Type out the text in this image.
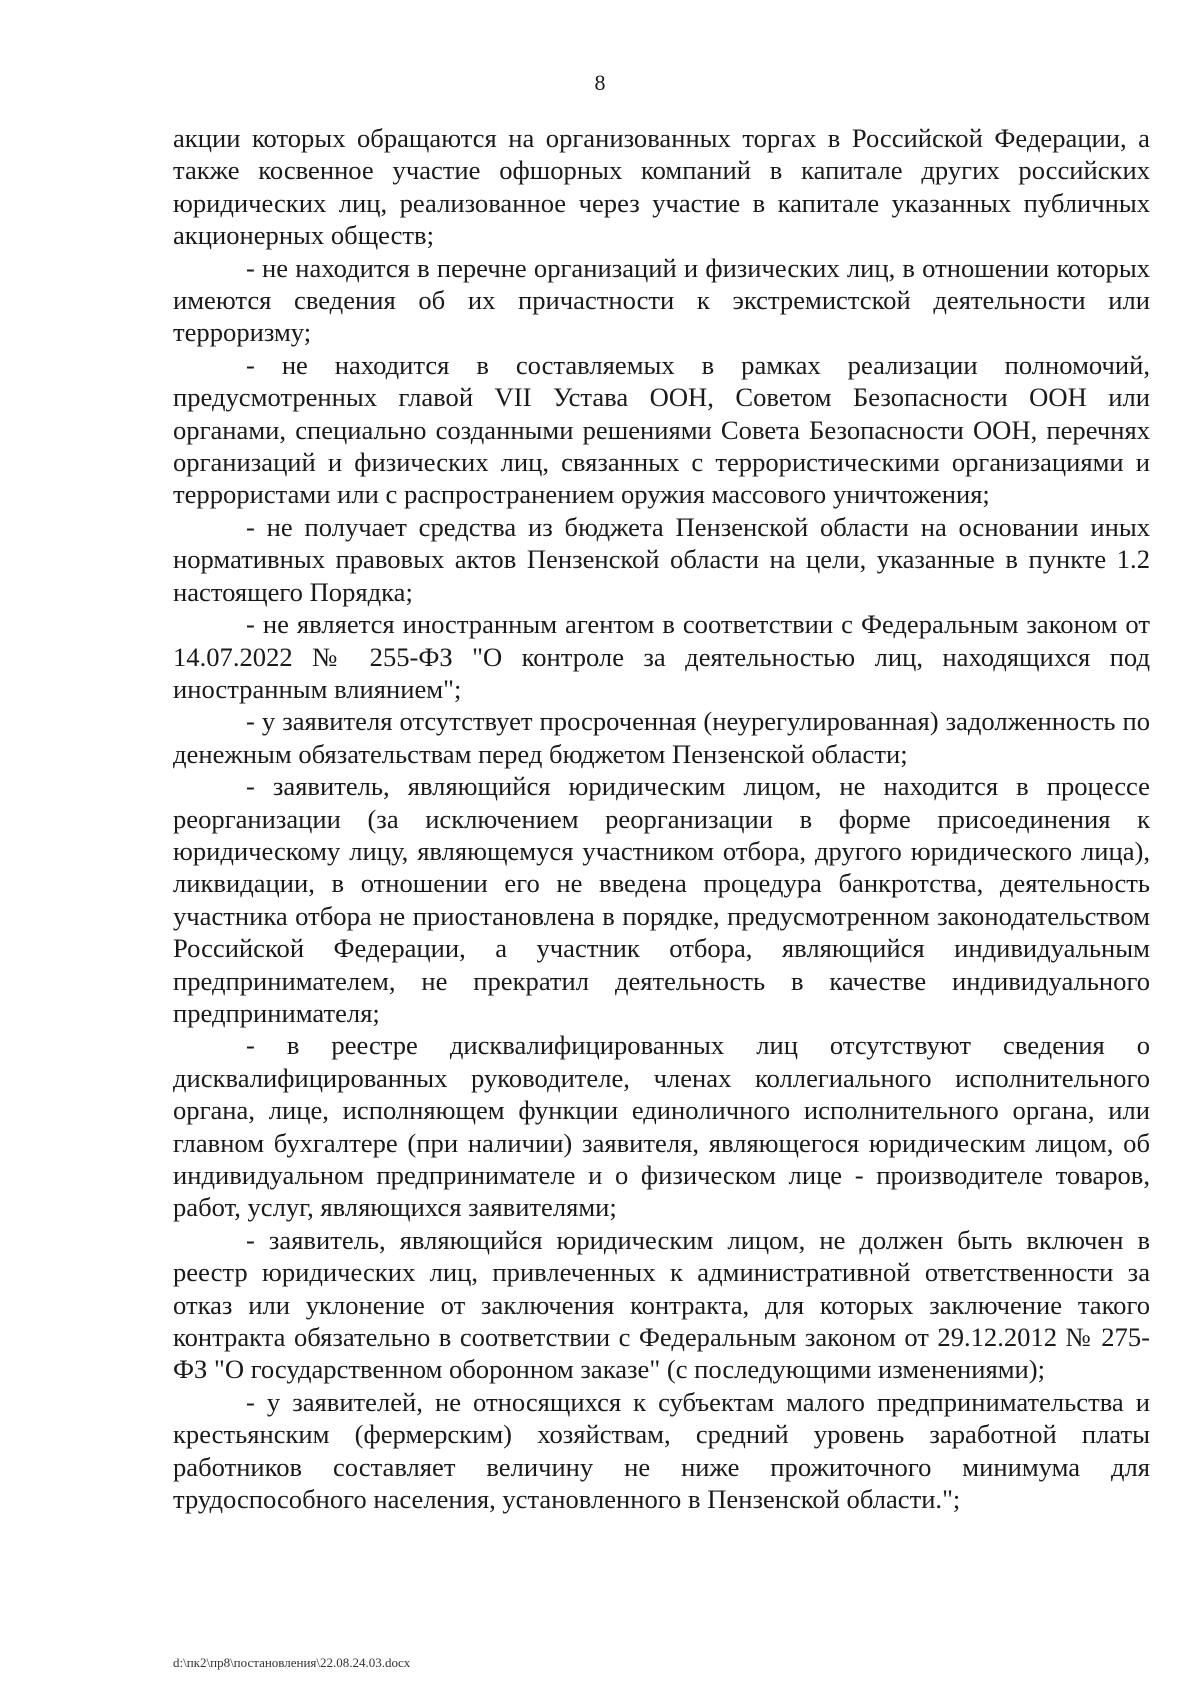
8

акции которых обращаются на организованных торгах в Российской Федерации, а также косвенное участие офшорных компаний в капитале других российских юридических лиц, реализованное через участие в капитале указанных публичных акционерных обществ;

- не находится в перечне организаций и физических лиц, в отношении которых имеются сведения об их причастности к экстремистской деятельности или терроризму;

- не находится в составляемых в рамках реализации полномочий, предусмотренных главой VII Устава ООН, Советом Безопасности ООН или органами, специально созданными решениями Совета Безопасности ООН, перечнях организаций и физических лиц, связанных с террористическими организациями и террористами или с распространением оружия массового уничтожения;

- не получает средства из бюджета Пензенской области на основании иных нормативных правовых актов Пензенской области на цели, указанные в пункте 1.2 настоящего Порядка;

- не является иностранным агентом в соответствии с Федеральным законом от 14.07.2022 № 255-ФЗ "О контроле за деятельностью лиц, находящихся под иностранным влиянием";

- у заявителя отсутствует просроченная (неурегулированная) задолженность по денежным обязательствам перед бюджетом Пензенской области;

- заявитель, являющийся юридическим лицом, не находится в процессе реорганизации (за исключением реорганизации в форме присоединения к юридическому лицу, являющемуся участником отбора, другого юридического лица), ликвидации, в отношении его не введена процедура банкротства, деятельность участника отбора не приостановлена в порядке, предусмотренном законодательством Российской Федерации, а участник отбора, являющийся индивидуальным предпринимателем, не прекратил деятельность в качестве индивидуального предпринимателя;

- в реестре дисквалифицированных лиц отсутствуют сведения о дисквалифицированных руководителе, членах коллегиального исполнительного органа, лице, исполняющем функции единоличного исполнительного органа, или главном бухгалтере (при наличии) заявителя, являющегося юридическим лицом, об индивидуальном предпринимателе и о физическом лице - производителе товаров, работ, услуг, являющихся заявителями;

- заявитель, являющийся юридическим лицом, не должен быть включен в реестр юридических лиц, привлеченных к административной ответственности за отказ или уклонение от заключения контракта, для которых заключение такого контракта обязательно в соответствии с Федеральным законом от 29.12.2012 № 275-ФЗ "О государственном оборонном заказе" (с последующими изменениями);

- у заявителей, не относящихся к субъектам малого предпринимательства и крестьянским (фермерским) хозяйствам, средний уровень заработной платы работников составляет величину не ниже прожиточного минимума для трудоспособного населения, установленного в Пензенской области.";

d:\пк2\пр8\постановления\22.08.24.03.docx
